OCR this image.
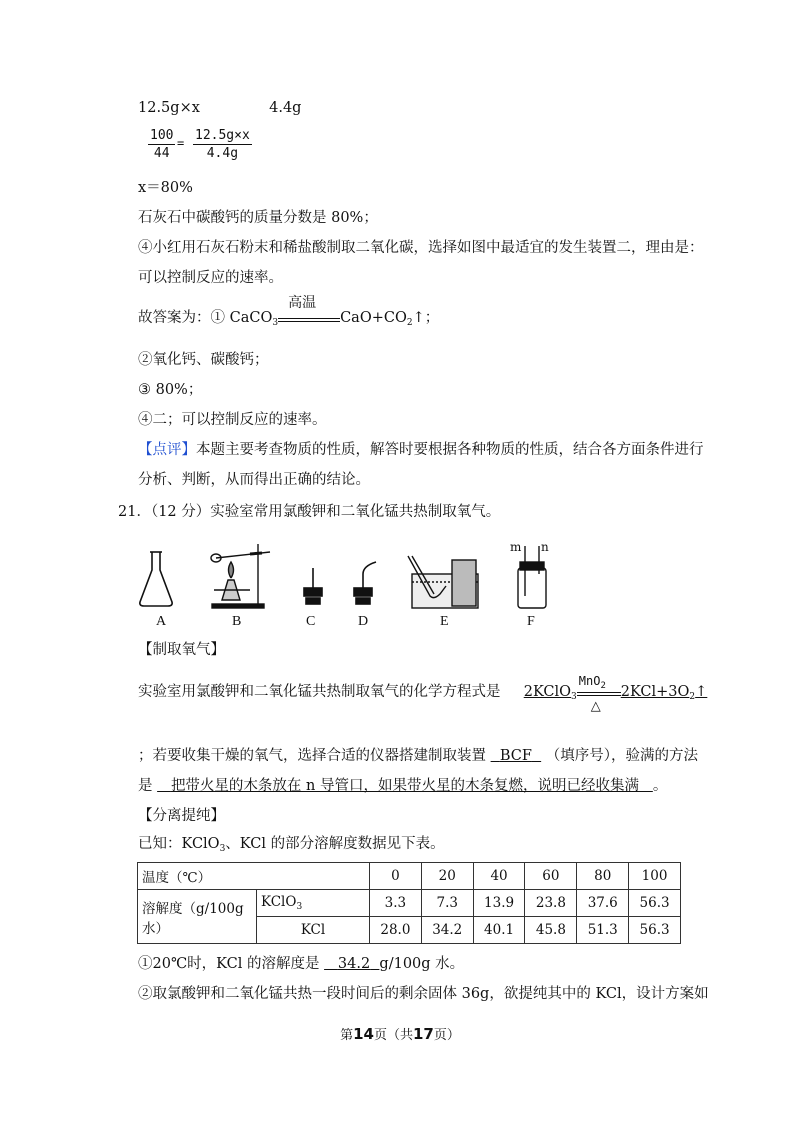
12.5g×x	4.4g
$\frac{100}{44} = \frac{12.5g\times x}{4.4g}$
x＝80%
石灰石中碳酸钙的质量分数是 80%；
④小红用石灰石粉末和稀盐酸制取二氧化碳，选择如图中最适宜的发生装置二，理由是：
可以控制反应的速率。
故答案为：① CaCO$_3$
高温
$CaO+CO_2↑$；
②氧化钙、碳酸钙；
③ 80%；
④二；可以控制反应的速率。
【点评】本题主要考查物质的性质，解答时要根据各种物质的性质，结合各方面条件进行
分析、判断，从而得出正确的结论。
21．（12 分）实验室常用氯酸钾和二氧化锰共热制取氧气。
m n
A	B	C	D	E	F
【制取氧气】
实验室用氯酸钾和二氧化锰共热制取氧气的化学方程式是 2KClO$_3$
MnO$_2$
△
$2KCl+3O_2↑$
；若要收集干燥的氧气，选择合适的仪器搭建制取装置 BCF （填序号），验满的方法
是 把带火星的木条放在 n 导管口，如果带火星的木条复燃，说明已经收集满 。
【分离提纯】
已知：KClO$_3$、KCl 的部分溶解度数据见下表。
温度（℃）		0	20	40	60	80	100
溶解度（g/100g 水）	KClO$_3$	3.3	7.3	13.9	23.8	37.6	56.3
	KCl	28.0	34.2	40.1	45.8	51.3	56.3
①20℃时，KCl 的溶解度是 34.2 g/100g 水。
②取氯酸钾和二氧化锰共热一段时间后的剩余固体 36g，欲提纯其中的 KCl，设计方案如
第14页（共17页）
